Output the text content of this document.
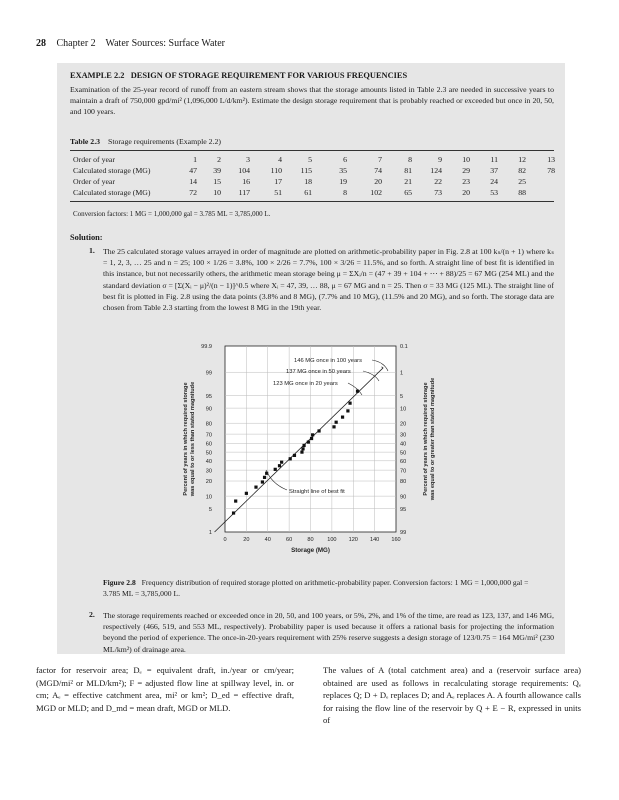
28 Chapter 2    Water Sources: Surface Water
EXAMPLE 2.2   DESIGN OF STORAGE REQUIREMENT FOR VARIOUS FREQUENCIES
Examination of the 25-year record of runoff from an eastern stream shows that the storage amounts listed in Table 2.3 are needed in successive years to maintain a draft of 750,000 gpd/mi² (1,096,000 L/d/km²). Estimate the design storage requirement that is probably reached or exceeded but once in 20, 50, and 100 years.
Table 2.3 Storage requirements (Example 2.2)
Order of year	1	2	3	4	5	6	7	8	9	10	11	12	13
Calculated storage (MG)	47	39	104	110	115	35	74	81	124	29	37	82	78
Order of year	14	15	16	17	18	19	20	21	22	23	24	25
Calculated storage (MG)	72	10	117	51	61	8	102	65	73	20	53	88
Conversion factors: 1 MG = 1,000,000 gal = 3.785 ML = 3,785,000 L.
Solution:
1. The 25 calculated storage values arrayed in order of magnitude are plotted on arithmetic-probability paper in Fig. 2.8 at 100 kₛ/(n + 1) where kₛ = 1, 2, 3, … 25 and n = 25; 100 × 1/26 = 3.8%, 100 × 2/26 = 7.7%, 100 × 3/26 = 11.5%, and so forth. A straight line of best fit is identified in this instance, but not necessarily others, the arithmetic mean storage being μ = ΣXᵢ/n = (47 + 39 + 104 + ⋯ + 88)/25 = 67 MG (254 ML) and the standard deviation σ = [Σ(Xᵢ − μ)²/(n − 1)]^0.5 where Xᵢ = 47, 39, … 88, μ = 67 MG and n = 25. Then σ = 33 MG (125 ML). The straight line of best fit is plotted in Fig. 2.8 using the data points (3.8% and 8 MG), (7.7% and 10 MG), (11.5% and 20 MG), and so forth. The storage data are chosen from Table 2.3 starting from the lowest 8 MG in the 19th year.
1
5
10
20
30
40
50
60
70
80
90
95
99
99.9
99
95
90
80
70
60
50
40
30
20
10
5
1
0.1
0	20	40	60	80 100 120 140 160
Storage (MG)
Percent of years in which required storagewas equal to or less than stated magnitude	Percent of years in which required storagewas equal to or greater than stated magnitude
Straight line of best fit
146 MG once in 100 years
137 MG once in 50 years
123 MG once in 20 years
Figure 2.8 Frequency distribution of required storage plotted on arithmetic-probability paper. Conversion factors: 1 MG = 1,000,000 gal = 3.785 ML = 3,785,000 L.
2. The storage requirements reached or exceeded once in 20, 50, and 100 years, or 5%, 2%, and 1% of the time, are read as 123, 137, and 146 MG, respectively (466, 519, and 553 ML, respectively). Probability paper is used because it offers a rational basis for projecting the information beyond the period of experience. The once-in-20-years requirement with 25% reserve suggests a design storage of 123/0.75 = 164 MG/mi² (230 ML/km²) of drainage area.
factor for reservoir area; Dₑ = equivalent draft, in./year or cm/year; (MGD/mi² or MLD/km²); F = adjusted flow line at spillway level, in. or cm; Aₑ = effective catchment area, mi² or km²; D_ed = effective draft, MGD or MLD; and D_md = mean draft, MGD or MLD.
The values of A (total catchment area) and a (reservoir surface area) obtained are used as follows in recalculating storage requirements: Qₑ replaces Q; D + Dₑ replaces D; and Aₑ replaces A. A fourth allowance calls for raising the flow line of the reservoir by Q + E − R, expressed in units of
